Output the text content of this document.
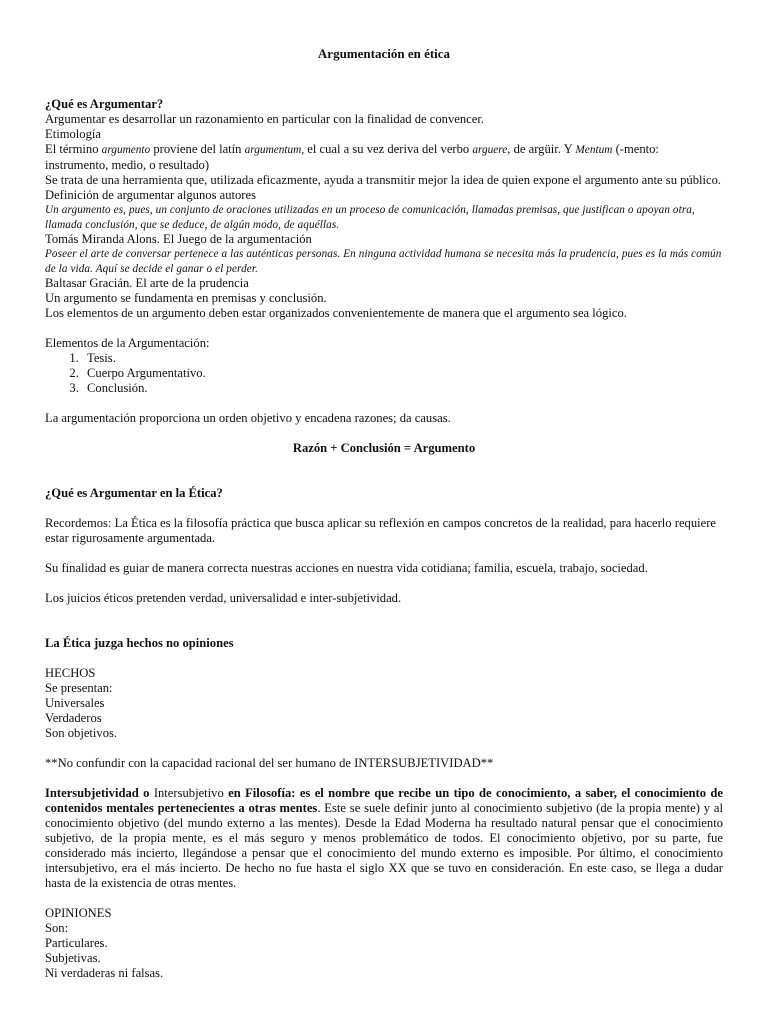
Argumentación en ética

¿Qué es Argumentar?

Argumentar es desarrollar un razonamiento en particular con la finalidad de convencer.

Etimología

El término argumento proviene del latín argumentum, el cual a su vez deriva del verbo arguere, de argüir. Y Mentum (-mento: instrumento, medio, o resultado)

Se trata de una herramienta que, utilizada eficazmente, ayuda a transmitir mejor la idea de quien expone el argumento ante su público.

Definición de argumentar algunos autores

Un argumento es, pues, un conjunto de oraciones utilizadas en un proceso de comunicación, llamadas premisas, que justifican o apoyan otra, llamada conclusión, que se deduce, de algún modo, de aquéllas.

Tomás Miranda Alons. El Juego de la argumentación

Poseer el arte de conversar pertenece a las auténticas personas. En ninguna actividad humana se necesita más la prudencia, pues es la más común de la vida. Aquí se decide el ganar o el perder.

Baltasar Gracián. El arte de la prudencia

Un argumento se fundamenta en premisas y conclusión.

Los elementos de un argumento deben estar organizados convenientemente de manera que el argumento sea lógico.

Elementos de la Argumentación:

1. Tesis.
2. Cuerpo Argumentativo.
3. Conclusión.

La argumentación proporciona un orden objetivo y encadena razones; da causas.

Razón + Conclusión = Argumento

¿Qué es Argumentar en la Ética?

Recordemos: La Ética es la filosofía práctica que busca aplicar su reflexión en campos concretos de la realidad, para hacerlo requiere estar rigurosamente argumentada.

Su finalidad es guiar de manera correcta nuestras acciones en nuestra vida cotidiana; familia, escuela, trabajo, sociedad.

Los juicios éticos pretenden verdad, universalidad e inter-subjetividad.

La Ética juzga hechos no opiniones

HECHOS

Se presentan:

Universales

Verdaderos

Son objetivos.

**No confundir con la capacidad racional del ser humano de INTERSUBJETIVIDAD**

Intersubjetividad o Intersubjetivo en Filosofía: es el nombre que recibe un tipo de conocimiento, a saber, el conocimiento de contenidos mentales pertenecientes a otras mentes. Este se suele definir junto al conocimiento subjetivo (de la propia mente) y al conocimiento objetivo (del mundo externo a las mentes). Desde la Edad Moderna ha resultado natural pensar que el conocimiento subjetivo, de la propia mente, es el más seguro y menos problemático de todos. El conocimiento objetivo, por su parte, fue considerado más incierto, llegándose a pensar que el conocimiento del mundo externo es imposible. Por último, el conocimiento intersubjetivo, era el más incierto. De hecho no fue hasta el siglo XX que se tuvo en consideración. En este caso, se llega a dudar hasta de la existencia de otras mentes.

OPINIONES

Son:

Particulares.

Subjetivas.

Ni verdaderas ni falsas.
